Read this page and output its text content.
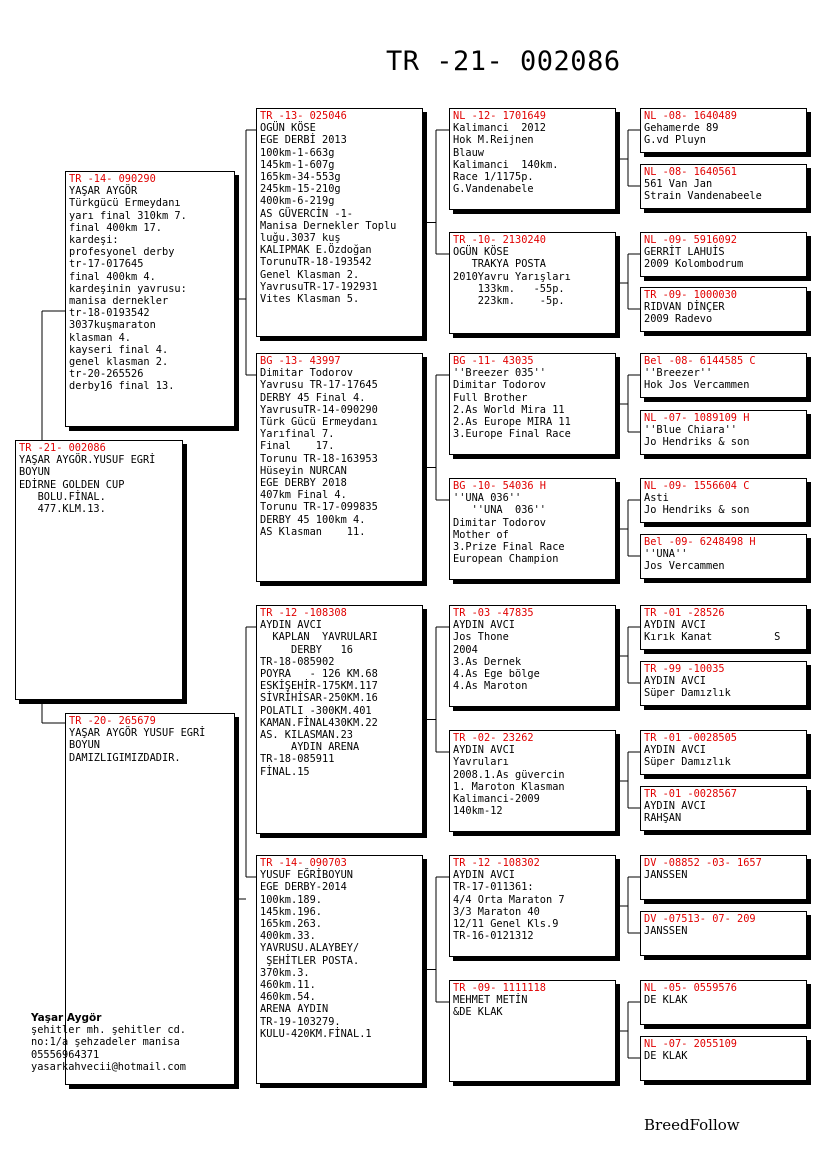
TR -21- 002086
TR -21- 002086
YAŞAR AYGÖR.YUSUF EGRİ
BOYUN
EDİRNE GOLDEN CUP
BOLU.FİNAL.
477.KLM.13.
TR -14- 090290
YAŞAR AYGÖR
Türkgücü Ermeydanı
yarı final 310km 7.
final 400km 17.
kardeşi:
profesyonel derby
tr-17-017645
final 400km 4.
kardeşinin yavrusu:
manisa dernekler
tr-18-0193542
3037kuşmaraton
klasman 4.
kayseri final 4.
genel klasman 2.
tr-20-265526
derby16 final 13.
TR -20- 265679
YAŞAR AYGÖR YUSUF EGRİ
BOYUN
DAMIZLIGIMIZDADIR.
TR -13- 025046
OGÜN KÖSE
EGE DERBİ 2013
100km-1-663g
145km-1-607g
165km-34-553g
245km-15-210g
400km-6-219g
AS GÜVERCİN -1-
Manisa Dernekler Toplu
luğu.3037 kuş
KALIPMAK E.Özdoğan
TorunuTR-18-193542
Genel Klasman 2.
YavrusuTR-17-192931
Vites Klasman 5.
BG -13- 43997
Dimitar Todorov
Yavrusu TR-17-17645
DERBY 45 Final 4.
YavrusuTR-14-090290
Türk Gücü Ermeydanı
Yarıfinal 7.
Final    17.
Torunu TR-18-163953
Hüseyin NURCAN
EGE DERBY 2018
407km Final 4.
Torunu TR-17-099835
DERBY 45 100km 4.
AS Klasman    11.
TR -12 -108308
AYDIN AVCI
KAPLAN  YAVRULARI
DERBY   16
TR-18-085902
POYRA   - 126 KM.68
ESKİŞEHİR-175KM.117
SİVRİHİSAR-250KM.16
POLATLI -300KM.401
KAMAN.FİNAL430KM.22
AS. KILASMAN.23
AYDIN ARENA
TR-18-085911
FİNAL.15
TR -14- 090703
YUSUF EĞRİBOYUN
EGE DERBY-2014
100km.189.
145km.196.
165km.263.
400km.33.
YAVRUSU.ALAYBEY/
ŞEHİTLER POSTA.
370km.3.
460km.11.
460km.54.
ARENA AYDIN
TR-19-103279.
KULU-420KM.FİNAL.1
NL -12- 1701649
Kalimanci  2012
Hok M.Reijnen
Blauw
Kalimanci  140km.
Race 1/1175p.
G.Vandenabele
TR -10- 2130240
OGÜN KÖSE
TRAKYA POSTA
2010Yavru Yarışları
133km.   -55p.
223km.    -5p.
BG -11- 43035
''Breezer 035''
Dimitar Todorov
Full Brother
2.As World Mira 11
2.As Europe MIRA 11
3.Europe Final Race
BG -10- 54036 H
''UNA 036''
''UNA  036''
Dimitar Todorov
Mother of
3.Prize Final Race
European Champion
TR -03 -47835
AYDIN AVCI
Jos Thone
2004
3.As Dernek
4.As Ege bölge
4.As Maroton
TR -02- 23262
AYDIN AVCI
Yavruları
2008.1.As güvercin
1. Maroton Klasman
Kalimanci-2009
140km-12
TR -12 -108302
AYDIN AVCI
TR-17-011361:
4/4 Orta Maraton 7
3/3 Maraton 40
12/11 Genel Kls.9
TR-16-0121312
TR -09- 1111118
MEHMET METİN
&DE KLAK
NL -08- 1640489
Gehamerde 89
G.vd Pluyn
NL -08- 1640561
561 Van Jan
Strain Vandenabeele
NL -09- 5916092
GERRİT LAHUİS
2009 Kolombodrum
TR -09- 1000030
RIDVAN DİNÇER
2009 Radevo
Bel -08- 6144585 C
''Breezer''
Hok Jos Vercammen
NL -07- 1089109 H
''Blue Chiara''
Jo Hendriks & son
NL -09- 1556604 C
Asti
Jo Hendriks & son
Bel -09- 6248498 H
''UNA''
Jos Vercammen
TR -01 -28526
AYDIN AVCI
Kırık Kanat          S
TR -99 -10035
AYDIN AVCI
Süper Damızlık
TR -01 -0028505
AYDIN AVCI
Süper Damızlık
TR -01 -0028567
AYDIN AVCI
RAHŞAN
DV -08852 -03- 1657
JANSSEN
DV -07513- 07- 209
JANSSEN
NL -05- 0559576
DE KLAK
NL -07- 2055109
DE KLAK
Yaşar Aygör
şehitler mh. şehitler cd.
no:1/a şehzadeler manisa
05556964371
yasarkahvecii@hotmail.com
BreedFollow
